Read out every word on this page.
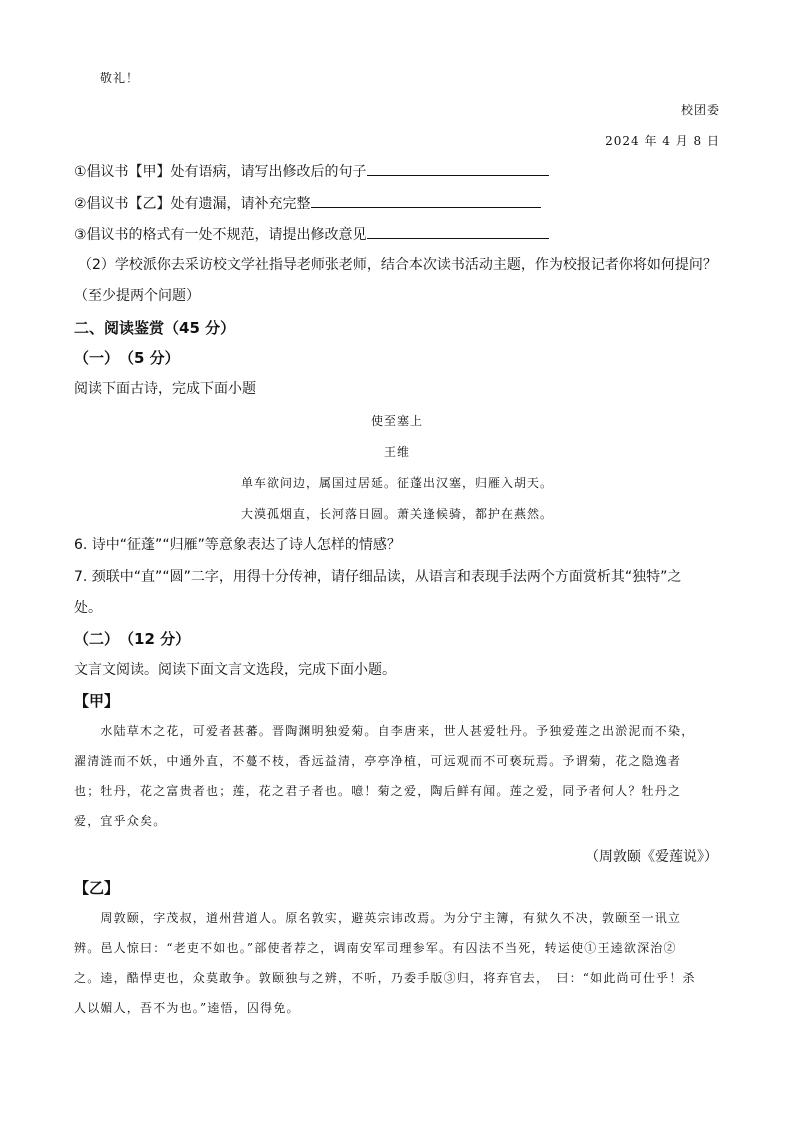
敬礼！
校团委
2024 年 4 月 8 日
①倡议书【甲】处有语病，请写出修改后的句子
②倡议书【乙】处有遗漏，请补充完整
③倡议书的格式有一处不规范，请提出修改意见
（2）学校派你去采访校文学社指导老师张老师，结合本次读书活动主题，作为校报记者你将如何提问？
（至少提两个问题）
二、阅读鉴赏（45 分）
（一）　（5 分）
阅读下面古诗，完成下面小题
使至塞上
王维
单车欲问边，属国过居延。征蓬出汉塞，归雁入胡天。
大漠孤烟直，长河落日圆。萧关逢候骑，都护在燕然。
6. 诗中“征蓬”“归雁”等意象表达了诗人怎样的情感？
7. 颈联中“直”“圆”二字，用得十分传神，请仔细品读，从语言和表现手法两个方面赏析其“独特”之
处。
（二）　（12 分）
文言文阅读。阅读下面文言文选段，完成下面小题。
【甲】
　　水陆草木之花，可爱者甚蕃。晋陶渊明独爱菊。自李唐来，世人甚爱牡丹。予独爱莲之出淤泥而不染，
濯清涟而不妖，中通外直，不蔓不枝，香远益清，亭亭净植，可远观而不可亵玩焉。予谓菊，花之隐逸者
也；牡丹，花之富贵者也；莲，花之君子者也。噫！菊之爱，陶后鲜有闻。莲之爱，同予者何人？牡丹之
爱，宜乎众矣。
（周敦颐《爱莲说》）
【乙】
　　周敦颐，字茂叔，道州营道人。原名敦实，避英宗讳改焉。为分宁主簿，有狱久不决，敦颐至一讯立
辨。邑人惊曰：“老吏不如也。”部使者荐之，调南安军司理参军。有囚法不当死，转运使①王逵欲深治②
之。逵，酷悍吏也，众莫敢争。敦颐独与之辨，不听，乃委手版③归，将弃官去，　曰：“如此尚可仕乎！杀
人以媚人，吾不为也。”逵悟，囚得免。
